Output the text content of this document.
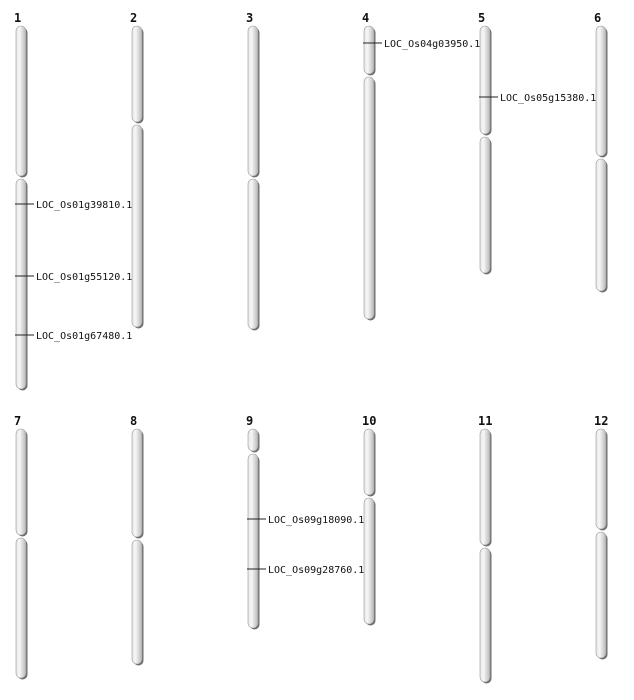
1	2	3	4	5	6
7	8	9	10	11	12
LOC_Os01g39810.1
LOC_Os01g55120.1
LOC_Os01g67480.1
LOC_Os04g03950.1
LOC_Os05g15380.1
LOC_Os09g18090.1
LOC_Os09g28760.1
